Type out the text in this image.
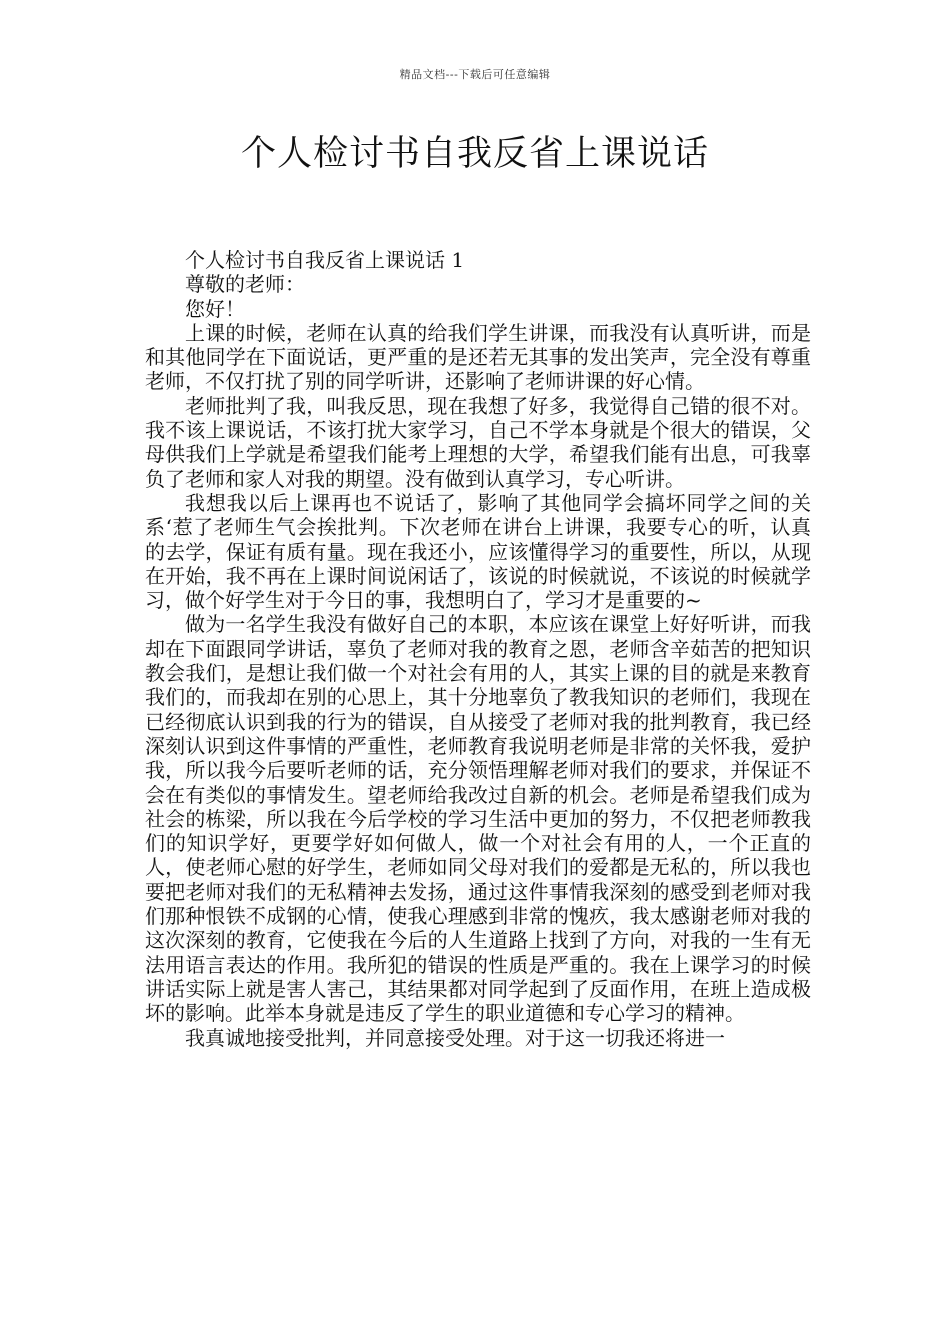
精品文档---下载后可任意编辑
个人检讨书自我反省上课说话

个人检讨书自我反省上课说话 1

尊敬的老师：

您好！

上课的时候，老师在认真的给我们学生讲课，而我没有认真听讲，而是和其他同学在下面说话，更严重的是还若无其事的发出笑声，完全没有尊重老师，不仅打扰了别的同学听讲，还影响了老师讲课的好心情。

老师批判了我，叫我反思，现在我想了好多，我觉得自己错的很不对。我不该上课说话，不该打扰大家学习，自己不学本身就是个很大的错误，父母供我们上学就是希望我们能考上理想的大学，希望我们能有出息，可我辜负了老师和家人对我的期望。没有做到认真学习，专心听讲。

我想我以后上课再也不说话了，影响了其他同学会搞坏同学之间的关系‘惹了老师生气会挨批判。下次老师在讲台上讲课，我要专心的听，认真的去学，保证有质有量。现在我还小，应该懂得学习的重要性，所以，从现在开始，我不再在上课时间说闲话了，该说的时候就说，不该说的时候就学习，做个好学生对于今日的事，我想明白了，学习才是重要的~

做为一名学生我没有做好自己的本职，本应该在课堂上好好听讲，而我却在下面跟同学讲话，辜负了老师对我的教育之恩，老师含辛茹苦的把知识教会我们，是想让我们做一个对社会有用的人，其实上课的目的就是来教育我们的，而我却在别的心思上，其十分地辜负了教我知识的老师们，我现在已经彻底认识到我的行为的错误，自从接受了老师对我的批判教育，我已经深刻认识到这件事情的严重性，老师教育我说明老师是非常的关怀我，爱护我，所以我今后要听老师的话，充分领悟理解老师对我们的要求，并保证不会在有类似的事情发生。望老师给我改过自新的机会。老师是希望我们成为社会的栋梁，所以我在今后学校的学习生活中更加的努力，不仅把老师教我们的知识学好，更要学好如何做人，做一个对社会有用的人，一个正直的人，使老师心慰的好学生，老师如同父母对我们的爱都是无私的，所以我也要把老师对我们的无私精神去发扬，通过这件事情我深刻的感受到老师对我们那种恨铁不成钢的心情，使我心理感到非常的愧疚，我太感谢老师对我的这次深刻的教育，它使我在今后的人生道路上找到了方向，对我的一生有无法用语言表达的作用。我所犯的错误的性质是严重的。我在上课学习的时候讲话实际上就是害人害己，其结果都对同学起到了反面作用，在班上造成极坏的影响。此举本身就是违反了学生的职业道德和专心学习的精神。

我真诚地接受批判，并同意接受处理。对于这一切我还将进一
